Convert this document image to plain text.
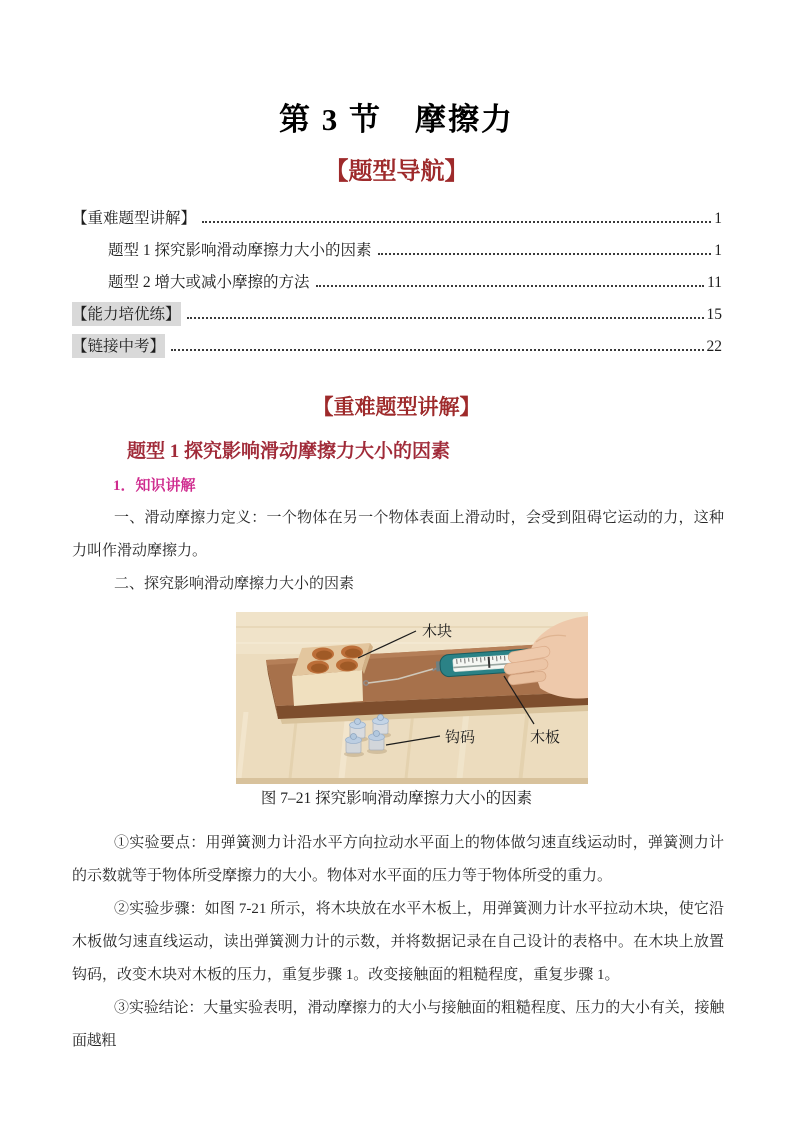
第 3 节　摩擦力
【题型导航】
【重难题型讲解】	1
题型 1 探究影响滑动摩擦力大小的因素	1
题型 2 增大或减小摩擦的方法	11
【能力培优练】	15
【链接中考】	22
【重难题型讲解】
题型 1 探究影响滑动摩擦力大小的因素
1．知识讲解
一、滑动摩擦力定义：一个物体在另一个物体表面上滑动时，会受到阻碍它运动的力，这种力叫作滑动摩擦力。
二、探究影响滑动摩擦力大小的因素
木块
钩码	木板
图 7–21 探究影响滑动摩擦力大小的因素
①实验要点：用弹簧测力计沿水平方向拉动水平面上的物体做匀速直线运动时，弹簧测力计的示数就等于物体所受摩擦力的大小。物体对水平面的压力等于物体所受的重力。
②实验步骤：如图 7-21 所示，将木块放在水平木板上，用弹簧测力计水平拉动木块，使它沿木板做匀速直线运动，读出弹簧测力计的示数，并将数据记录在自己设计的表格中。在木块上放置钩码，改变木块对木板的压力，重复步骤 1。改变接触面的粗糙程度，重复步骤 1。
③实验结论：大量实验表明，滑动摩擦力的大小与接触面的粗糙程度、压力的大小有关，接触面越粗
